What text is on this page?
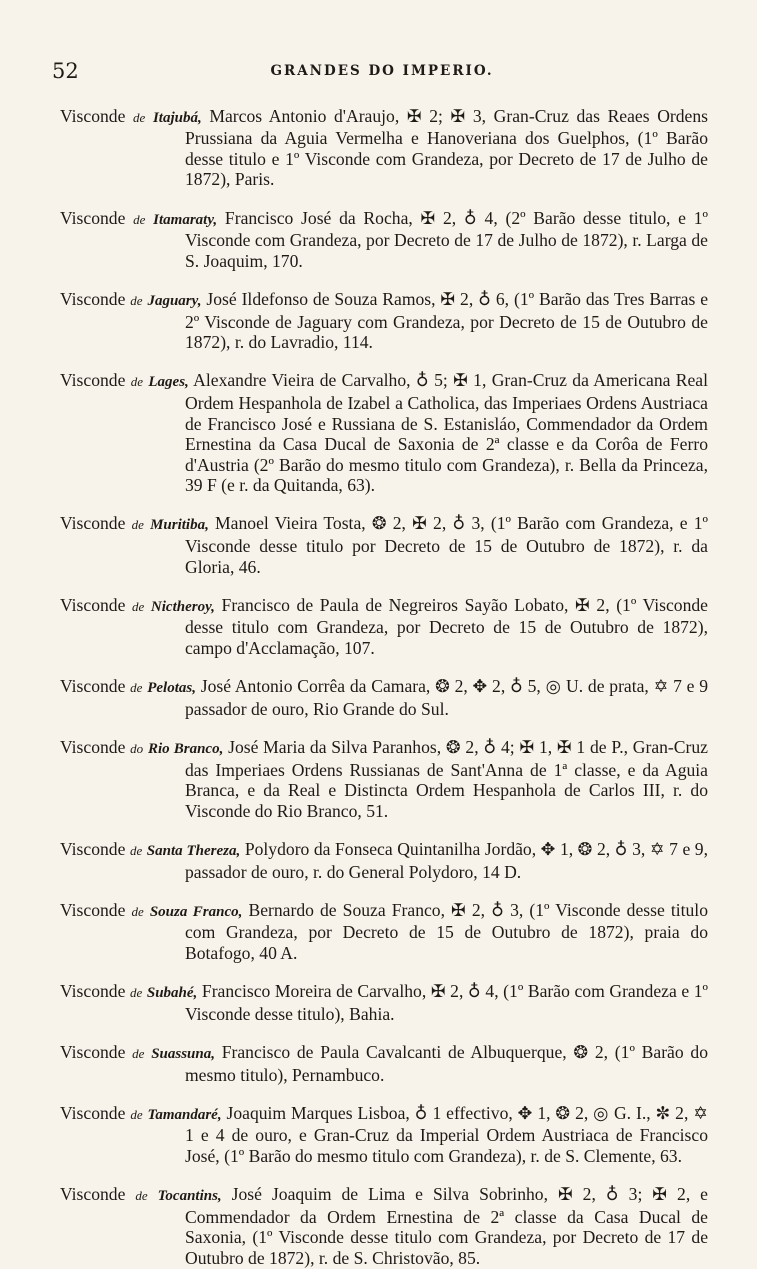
52	GRANDES DO IMPERIO.

Visconde de Itajubá, Marcos Antonio d'Araujo, ✠ 2; ✠ 3, Gran-Cruz das Reaes Ordens Prussiana da Aguia Vermelha e Hanoveriana dos Guelphos, (1º Barão desse titulo e 1º Visconde com Grandeza, por Decreto de 17 de Julho de 1872), Paris.

Visconde de Itamaraty, Francisco José da Rocha, ✠ 2, ♁ 4, (2º Barão desse titulo, e 1º Visconde com Grandeza, por Decreto de 17 de Julho de 1872), r. Larga de S. Joaquim, 170.

Visconde de Jaguary, José Ildefonso de Souza Ramos, ✠ 2, ♁ 6, (1º Barão das Tres Barras e 2º Visconde de Jaguary com Grandeza, por Decreto de 15 de Outubro de 1872), r. do Lavradio, 114.

Visconde de Lages, Alexandre Vieira de Carvalho, ♁ 5; ✠ 1, Gran-Cruz da Americana Real Ordem Hespanhola de Izabel a Catholica, das Imperiaes Ordens Austriaca de Francisco José e Russiana de S. Estanisláo, Commendador da Ordem Ernestina da Casa Ducal de Saxonia de 2ª classe e da Corôa de Ferro d'Austria (2º Barão do mesmo titulo com Grandeza), r. Bella da Princeza, 39 F (e r. da Quitanda, 63).

Visconde de Muritiba, Manoel Vieira Tosta, ❂ 2, ✠ 2, ♁ 3, (1º Barão com Grandeza, e 1º Visconde desse titulo por Decreto de 15 de Outubro de 1872), r. da Gloria, 46.

Visconde de Nictheroy, Francisco de Paula de Negreiros Sayão Lobato, ✠ 2, (1º Visconde desse titulo com Grandeza, por Decreto de 15 de Outubro de 1872), campo d'Acclamação, 107.

Visconde de Pelotas, José Antonio Corrêa da Camara, ❂ 2, ✥ 2, ♁ 5, ◎ U. de prata, ✡ 7 e 9 passador de ouro, Rio Grande do Sul.

Visconde do Rio Branco, José Maria da Silva Paranhos, ❂ 2, ♁ 4; ✠ 1, ✠ 1 de P., Gran-Cruz das Imperiaes Ordens Russianas de Sant'Anna de 1ª classe, e da Aguia Branca, e da Real e Distincta Ordem Hespanhola de Carlos III, r. do Visconde do Rio Branco, 51.

Visconde de Santa Thereza, Polydoro da Fonseca Quintanilha Jordão, ✥ 1, ❂ 2, ♁ 3, ✡ 7 e 9, passador de ouro, r. do General Polydoro, 14 D.

Visconde de Souza Franco, Bernardo de Souza Franco, ✠ 2, ♁ 3, (1º Visconde desse titulo com Grandeza, por Decreto de 15 de Outubro de 1872), praia do Botafogo, 40 A.

Visconde de Subahé, Francisco Moreira de Carvalho, ✠ 2, ♁ 4, (1º Barão com Grandeza e 1º Visconde desse titulo), Bahia.

Visconde de Suassuna, Francisco de Paula Cavalcanti de Albuquerque, ❂ 2, (1º Barão do mesmo titulo), Pernambuco.

Visconde de Tamandaré, Joaquim Marques Lisboa, ♁ 1 effectivo, ✥ 1, ❂ 2, ◎ G. I., ✼ 2, ✡ 1 e 4 de ouro, e Gran-Cruz da Imperial Ordem Austriaca de Francisco José, (1º Barão do mesmo titulo com Grandeza), r. de S. Clemente, 63.

Visconde de Tocantins, José Joaquim de Lima e Silva Sobrinho, ✠ 2, ♁ 3; ✠ 2, e Commendador da Ordem Ernestina de 2ª classe da Casa Ducal de Saxonia, (1º Visconde desse titulo com Grandeza, por Decreto de 17 de Outubro de 1872), r. de S. Christovão, 85.
